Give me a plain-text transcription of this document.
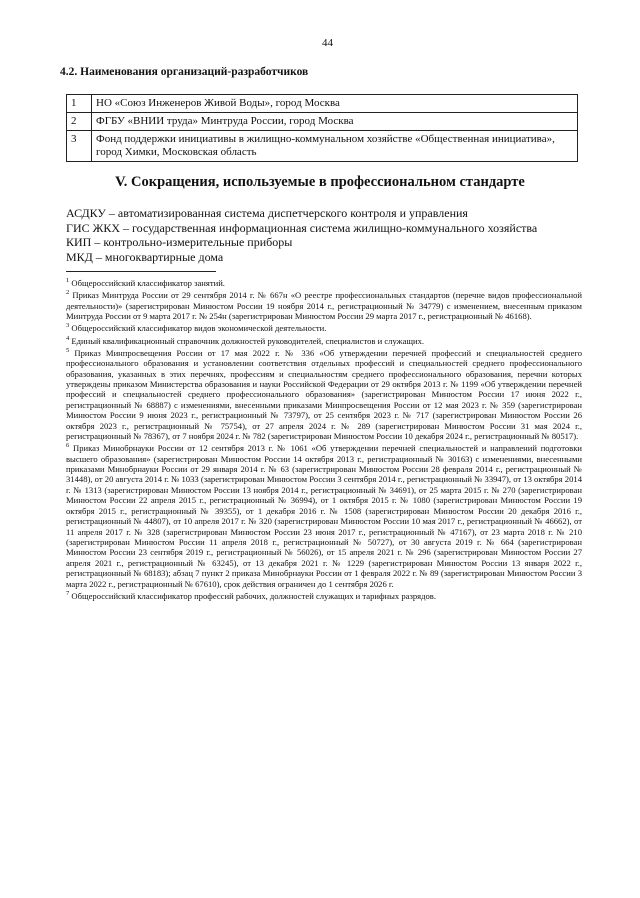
44
4.2. Наименования организаций-разработчиков
1	НО «Союз Инженеров Живой Воды», город Москва
2	ФГБУ «ВНИИ труда» Минтруда России, город Москва
3	Фонд поддержки инициативы в жилищно-коммунальном хозяйстве «Общественная инициатива», город Химки, Московская область
V. Сокращения, используемые в профессиональном стандарте
АСДКУ – автоматизированная система диспетчерского контроля и управления
ГИС ЖКХ – государственная информационная система жилищно-коммунального хозяйства
КИП – контрольно-измерительные приборы
МКД – многоквартирные дома

$^1$ Общероссийский классификатор занятий.

$^2$ Приказ Минтруда России от 29 сентября 2014 г. № 667н «О реестре профессиональных стандартов (перечне видов профессиональной деятельности)» (зарегистрирован Минюстом России 19 ноября 2014 г., регистрационный № 34779) с изменением, внесенным приказом Минтруда России от 9 марта 2017 г. № 254н (зарегистрирован Минюстом России 29 марта 2017 г., регистрационный № 46168).

$^3$ Общероссийский классификатор видов экономической деятельности.

$^4$ Единый квалификационный справочник должностей руководителей, специалистов и служащих.

$^5$ Приказ Минпросвещения России от 17 мая 2022 г. № 336 «Об утверждении перечней профессий и специальностей среднего профессионального образования и установлении соответствия отдельных профессий и специальностей среднего профессионального образования, указанных в этих перечнях, профессиям и специальностям среднего профессионального образования, перечни которых утверждены приказом Министерства образования и науки Российской Федерации от 29 октября 2013 г. № 1199 «Об утверждении перечней профессий и специальностей среднего профессионального образования» (зарегистрирован Минюстом России 17 июня 2022 г., регистрационный № 68887) с изменениями, внесенными приказами Минпросвещения России от 12 мая 2023 г. № 359 (зарегистрирован Минюстом России 9 июня 2023 г., регистрационный № 73797), от 25 сентября 2023 г. № 717 (зарегистрирован Минюстом России 26 октября 2023 г., регистрационный № 75754), от 27 апреля 2024 г. № 289 (зарегистрирован Минюстом России 31 мая 2024 г., регистрационный № 78367), от 7 ноября 2024 г. № 782 (зарегистрирован Минюстом России 10 декабря 2024 г., регистрационный № 80517).

$^6$ Приказ Минобрнауки России от 12 сентября 2013 г. № 1061 «Об утверждении перечней специальностей и направлений подготовки высшего образования» (зарегистрирован Минюстом России 14 октября 2013 г., регистрационный № 30163) с изменениями, внесенными приказами Минобрнауки России от 29 января 2014 г. № 63 (зарегистрирован Минюстом России 28 февраля 2014 г., регистрационный № 31448), от 20 августа 2014 г. № 1033 (зарегистрирован Минюстом России 3 сентября 2014 г., регистрационный № 33947), от 13 октября 2014 г. № 1313 (зарегистрирован Минюстом России 13 ноября 2014 г., регистрационный № 34691), от 25 марта 2015 г. № 270 (зарегистрирован Минюстом России 22 апреля 2015 г., регистрационный № 36994), от 1 октября 2015 г. № 1080 (зарегистрирован Минюстом России 19 октября 2015 г., регистрационный № 39355), от 1 декабря 2016 г. № 1508 (зарегистрирован Минюстом России 20 декабря 2016 г., регистрационный № 44807), от 10 апреля 2017 г. № 320 (зарегистрирован Минюстом России 10 мая 2017 г., регистрационный № 46662), от 11 апреля 2017 г. № 328 (зарегистрирован Минюстом России 23 июня 2017 г., регистрационный № 47167), от 23 марта 2018 г. № 210 (зарегистрирован Минюстом России 11 апреля 2018 г., регистрационный № 50727), от 30 августа 2019 г. № 664 (зарегистрирован Минюстом России 23 сентября 2019 г., регистрационный № 56026), от 15 апреля 2021 г. № 296 (зарегистрирован Минюстом России 27 апреля 2021 г., регистрационный № 63245), от 13 декабря 2021 г. № 1229 (зарегистрирован Минюстом России 13 января 2022 г., регистрационный № 68183); абзац 7 пункт 2 приказа Минобрнауки России от 1 февраля 2022 г. № 89 (зарегистрирован Минюстом России 3 марта 2022 г., регистрационный № 67610), срок действия ограничен до 1 сентября 2026 г.

$^7$ Общероссийский классификатор профессий рабочих, должностей служащих и тарифных разрядов.
